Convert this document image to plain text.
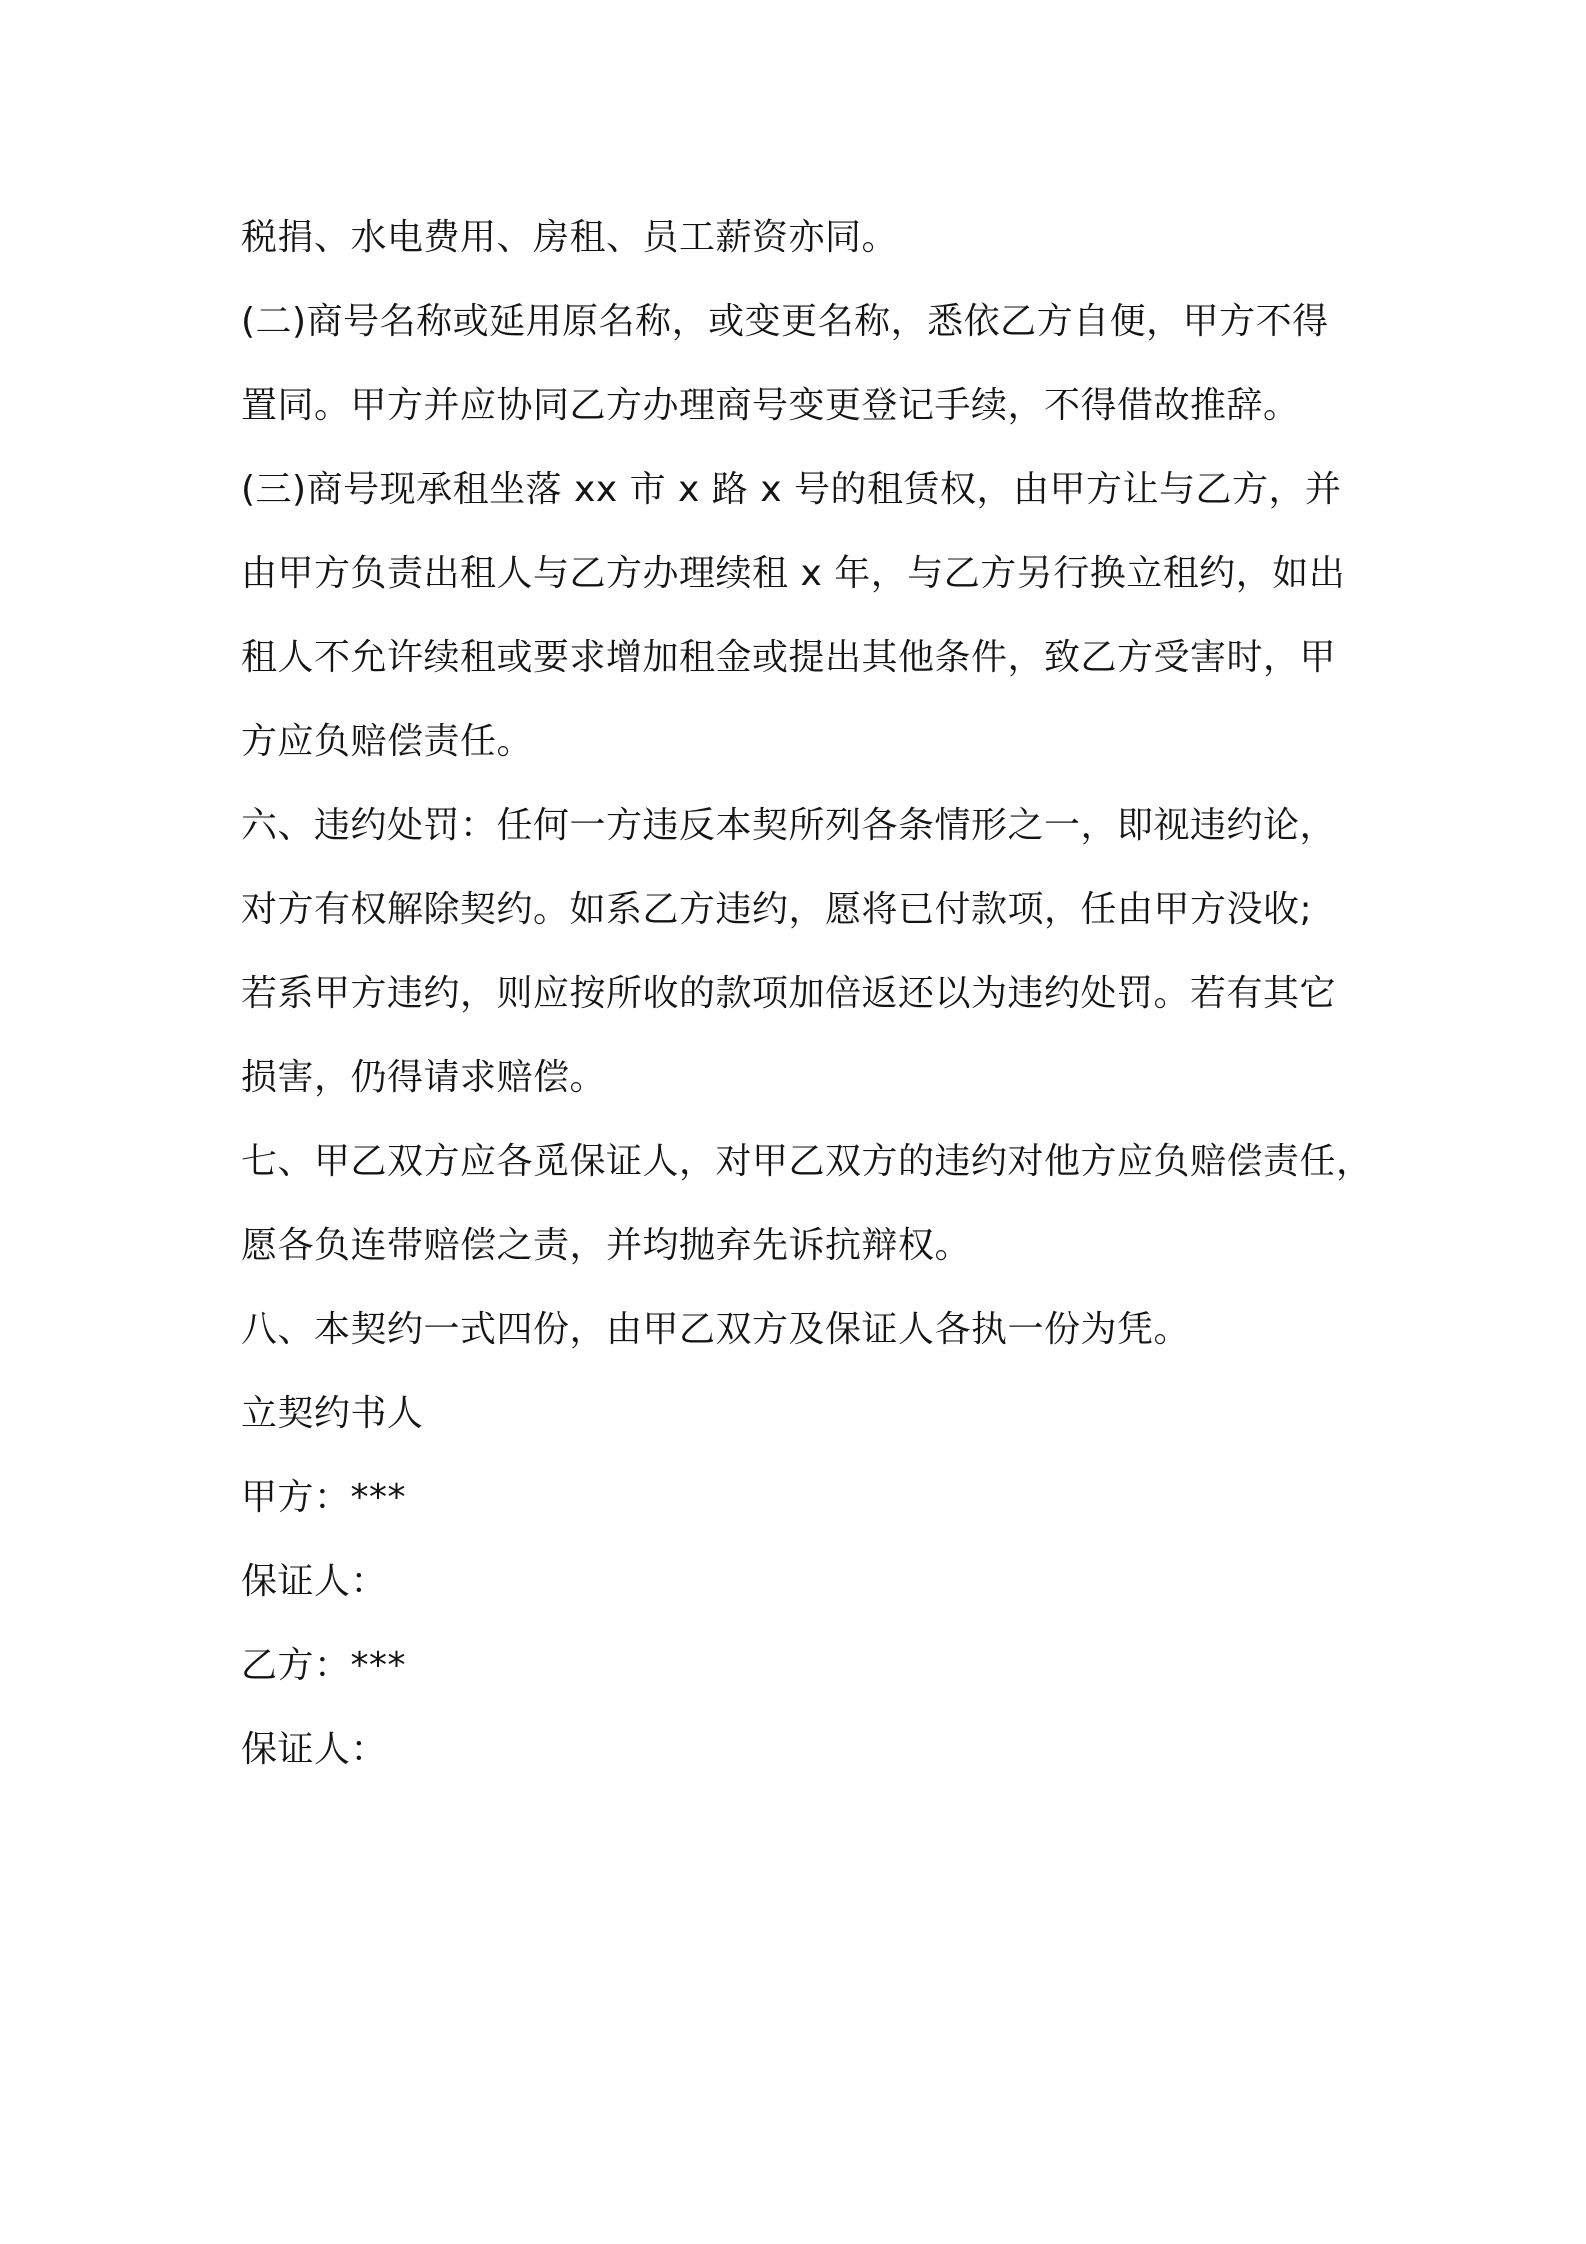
税捐、水电费用、房租、员工薪资亦同。
(二)商号名称或延用原名称，或变更名称，悉依乙方自便，甲方不得
置同。甲方并应协同乙方办理商号变更登记手续，不得借故推辞。
(三)商号现承租坐落 xx 市 x 路 x 号的租赁权，由甲方让与乙方，并
由甲方负责出租人与乙方办理续租 x 年，与乙方另行换立租约，如出
租人不允许续租或要求增加租金或提出其他条件，致乙方受害时，甲
方应负赔偿责任。
六、违约处罚：任何一方违反本契所列各条情形之一，即视违约论，
对方有权解除契约。如系乙方违约，愿将已付款项，任由甲方没收;
若系甲方违约，则应按所收的款项加倍返还以为违约处罚。若有其它
损害，仍得请求赔偿。
七、甲乙双方应各觅保证人，对甲乙双方的违约对他方应负赔偿责任，
愿各负连带赔偿之责，并均抛弃先诉抗辩权。
八、本契约一式四份，由甲乙双方及保证人各执一份为凭。
立契约书人
甲方：***
保证人：
乙方：***
保证人：
